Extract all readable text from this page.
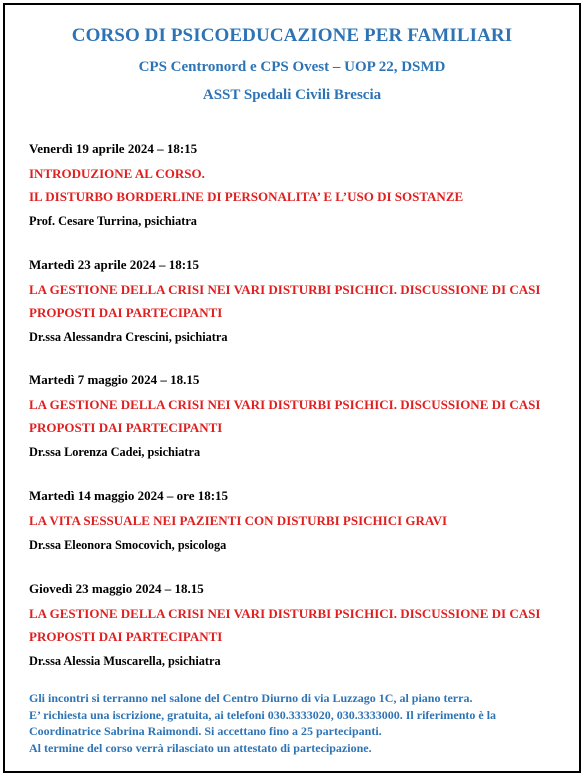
CORSO DI PSICOEDUCAZIONE PER FAMILIARI
CPS Centronord e CPS Ovest – UOP 22, DSMD
ASST Spedali Civili Brescia
Venerdì 19 aprile 2024 – 18:15
INTRODUZIONE AL CORSO.
IL DISTURBO BORDERLINE DI PERSONALITA’ E L’USO DI SOSTANZE
Prof. Cesare Turrina, psichiatra
Martedì 23 aprile 2024 – 18:15
LA GESTIONE DELLA CRISI NEI VARI DISTURBI PSICHICI. DISCUSSIONE DI CASI
PROPOSTI DAI PARTECIPANTI
Dr.ssa Alessandra Crescini, psichiatra
Martedì 7 maggio 2024 – 18.15
LA GESTIONE DELLA CRISI NEI VARI DISTURBI PSICHICI. DISCUSSIONE DI CASI
PROPOSTI DAI PARTECIPANTI
Dr.ssa Lorenza Cadei, psichiatra
Martedì 14 maggio 2024 – ore 18:15
LA VITA SESSUALE NEI PAZIENTI CON DISTURBI PSICHICI GRAVI
Dr.ssa Eleonora Smocovich, psicologa
Giovedì 23 maggio 2024 – 18.15
LA GESTIONE DELLA CRISI NEI VARI DISTURBI PSICHICI. DISCUSSIONE DI CASI
PROPOSTI DAI PARTECIPANTI
Dr.ssa Alessia Muscarella, psichiatra
Gli incontri si terranno nel salone del Centro Diurno di via Luzzago 1C, al piano terra.
E’ richiesta una iscrizione, gratuita, ai telefoni 030.3333020, 030.3333000. Il riferimento è la
Coordinatrice Sabrina Raimondi. Si accettano fino a 25 partecipanti.
Al termine del corso verrà rilasciato un attestato di partecipazione.
